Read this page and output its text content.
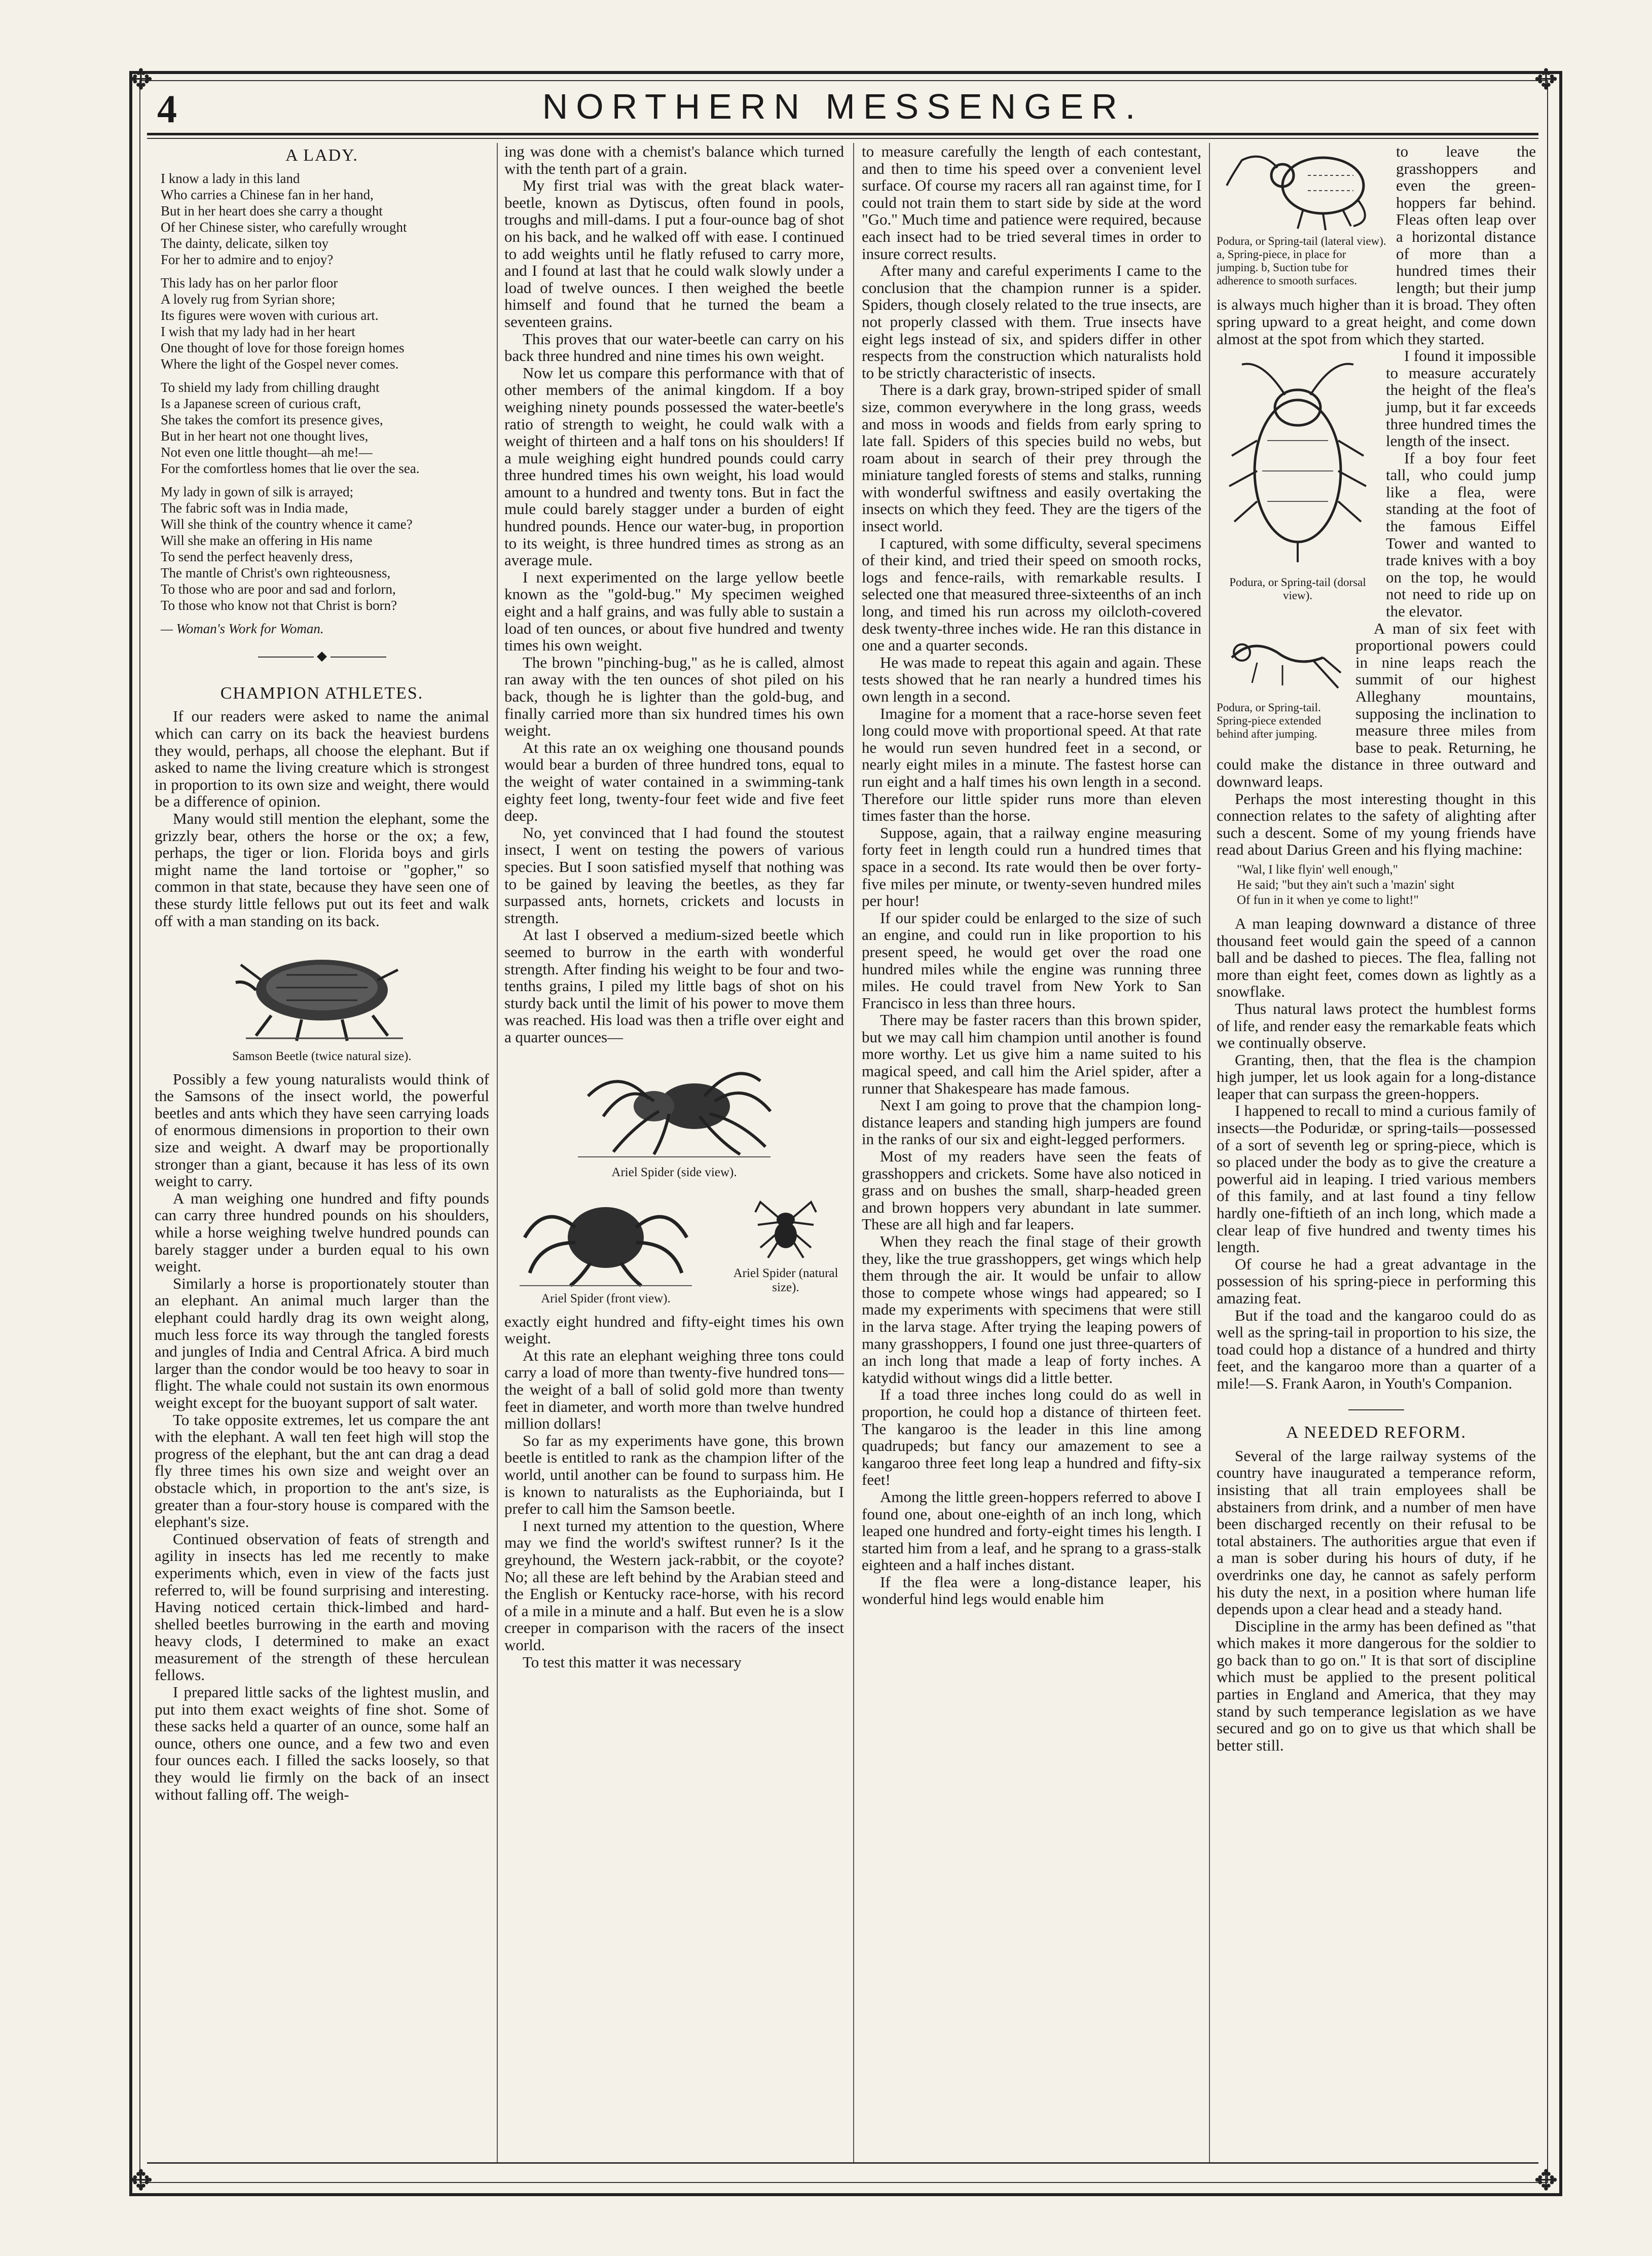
✥	✥
✥	✥
4	NORTHERN MESSENGER.
A LADY.
I know a lady in this land
Who carries a Chinese fan in her hand,
But in her heart does she carry a thought
Of her Chinese sister, who carefully wrought
The dainty, delicate, silken toy
For her to admire and to enjoy?
This lady has on her parlor floor
A lovely rug from Syrian shore;
Its figures were woven with curious art.
I wish that my lady had in her heart
One thought of love for those foreign homes
Where the light of the Gospel never comes.
To shield my lady from chilling draught
Is a Japanese screen of curious craft,
She takes the comfort its presence gives,
But in her heart not one thought lives,
Not even one little thought—ah me!—
For the comfortless homes that lie over the sea.
My lady in gown of silk is arrayed;
The fabric soft was in India made,
Will she think of the country whence it came?
Will she make an offering in His name
To send the perfect heavenly dress,
The mantle of Christ's own righteousness,
To those who are poor and sad and forlorn,
To those who know not that Christ is born?
— Woman's Work for Woman.
◆
CHAMPION ATHLETES.

If our readers were asked to name the animal which can carry on its back the heaviest burdens they would, perhaps, all choose the elephant. But if asked to name the living creature which is strongest in proportion to its own size and weight, there would be a difference of opinion.

Many would still mention the elephant, some the grizzly bear, others the horse or the ox; a few, perhaps, the tiger or lion. Florida boys and girls might name the land tortoise or "gopher," so common in that state, because they have seen one of these sturdy little fellows put out its feet and walk off with a man standing on its back.

Samson Beetle (twice natural size).

Possibly a few young naturalists would think of the Samsons of the insect world, the powerful beetles and ants which they have seen carrying loads of enormous dimensions in proportion to their own size and weight. A dwarf may be proportionally stronger than a giant, because it has less of its own weight to carry.

A man weighing one hundred and fifty pounds can carry three hundred pounds on his shoulders, while a horse weighing twelve hundred pounds can barely stagger under a burden equal to his own weight.

Similarly a horse is proportionately stouter than an elephant. An animal much larger than the elephant could hardly drag its own weight along, much less force its way through the tangled forests and jungles of India and Central Africa. A bird much larger than the condor would be too heavy to soar in flight. The whale could not sustain its own enormous weight except for the buoyant support of salt water.

To take opposite extremes, let us compare the ant with the elephant. A wall ten feet high will stop the progress of the elephant, but the ant can drag a dead fly three times his own size and weight over an obstacle which, in proportion to the ant's size, is greater than a four-story house is compared with the elephant's size.

Continued observation of feats of strength and agility in insects has led me recently to make experiments which, even in view of the facts just referred to, will be found surprising and interesting. Having noticed certain thick-limbed and hard-shelled beetles burrowing in the earth and moving heavy clods, I determined to make an exact measurement of the strength of these herculean fellows.

I prepared little sacks of the lightest muslin, and put into them exact weights of fine shot. Some of these sacks held a quarter of an ounce, some half an ounce, others one ounce, and a few two and even four ounces each. I filled the sacks loosely, so that they would lie firmly on the back of an insect without falling off. The weigh-

ing was done with a chemist's balance which turned with the tenth part of a grain.

My first trial was with the great black water-beetle, known as Dytiscus, often found in pools, troughs and mill-dams. I put a four-ounce bag of shot on his back, and he walked off with ease. I continued to add weights until he flatly refused to carry more, and I found at last that he could walk slowly under a load of twelve ounces. I then weighed the beetle himself and found that he turned the beam a seventeen grains.

This proves that our water-beetle can carry on his back three hundred and nine times his own weight.

Now let us compare this performance with that of other members of the animal kingdom. If a boy weighing ninety pounds possessed the water-beetle's ratio of strength to weight, he could walk with a weight of thirteen and a half tons on his shoulders! If a mule weighing eight hundred pounds could carry three hundred times his own weight, his load would amount to a hundred and twenty tons. But in fact the mule could barely stagger under a burden of eight hundred pounds. Hence our water-bug, in proportion to its weight, is three hundred times as strong as an average mule.

I next experimented on the large yellow beetle known as the "gold-bug." My specimen weighed eight and a half grains, and was fully able to sustain a load of ten ounces, or about five hundred and twenty times his own weight.

The brown "pinching-bug," as he is called, almost ran away with the ten ounces of shot piled on his back, though he is lighter than the gold-bug, and finally carried more than six hundred times his own weight.

At this rate an ox weighing one thousand pounds would bear a burden of three hundred tons, equal to the weight of water contained in a swimming-tank eighty feet long, twenty-four feet wide and five feet deep.

No, yet convinced that I had found the stoutest insect, I went on testing the powers of various species. But I soon satisfied myself that nothing was to be gained by leaving the beetles, as they far surpassed ants, hornets, crickets and locusts in strength.

At last I observed a medium-sized beetle which seemed to burrow in the earth with wonderful strength. After finding his weight to be four and two-tenths grains, I piled my little bags of shot on his sturdy back until the limit of his power to move them was reached. His load was then a trifle over eight and a quarter ounces—

Ariel Spider (side view).
Ariel Spider (front view).
Ariel Spider (natural size).

exactly eight hundred and fifty-eight times his own weight.

At this rate an elephant weighing three tons could carry a load of more than twenty-five hundred tons—the weight of a ball of solid gold more than twenty feet in diameter, and worth more than twelve hundred million dollars!

So far as my experiments have gone, this brown beetle is entitled to rank as the champion lifter of the world, until another can be found to surpass him. He is known to naturalists as the Euphoriainda, but I prefer to call him the Samson beetle.

I next turned my attention to the question, Where may we find the world's swiftest runner? Is it the greyhound, the Western jack-rabbit, or the coyote? No; all these are left behind by the Arabian steed and the English or Kentucky race-horse, with his record of a mile in a minute and a half. But even he is a slow creeper in comparison with the racers of the insect world.

To test this matter it was necessary

to measure carefully the length of each contestant, and then to time his speed over a convenient level surface. Of course my racers all ran against time, for I could not train them to start side by side at the word "Go." Much time and patience were required, because each insect had to be tried several times in order to insure correct results.

After many and careful experiments I came to the conclusion that the champion runner is a spider. Spiders, though closely related to the true insects, are not properly classed with them. True insects have eight legs instead of six, and spiders differ in other respects from the construction which naturalists hold to be strictly characteristic of insects.

There is a dark gray, brown-striped spider of small size, common everywhere in the long grass, weeds and moss in woods and fields from early spring to late fall. Spiders of this species build no webs, but roam about in search of their prey through the miniature tangled forests of stems and stalks, running with wonderful swiftness and easily overtaking the insects on which they feed. They are the tigers of the insect world.

I captured, with some difficulty, several specimens of their kind, and tried their speed on smooth rocks, logs and fence-rails, with remarkable results. I selected one that measured three-sixteenths of an inch long, and timed his run across my oilcloth-covered desk twenty-three inches wide. He ran this distance in one and a quarter seconds.

He was made to repeat this again and again. These tests showed that he ran nearly a hundred times his own length in a second.

Imagine for a moment that a race-horse seven feet long could move with proportional speed. At that rate he would run seven hundred feet in a second, or nearly eight miles in a minute. The fastest horse can run eight and a half times his own length in a second. Therefore our little spider runs more than eleven times faster than the horse.

Suppose, again, that a railway engine measuring forty feet in length could run a hundred times that space in a second. Its rate would then be over forty-five miles per minute, or twenty-seven hundred miles per hour!

If our spider could be enlarged to the size of such an engine, and could run in like proportion to his present speed, he would get over the road one hundred miles while the engine was running three miles. He could travel from New York to San Francisco in less than three hours.

There may be faster racers than this brown spider, but we may call him champion until another is found more worthy. Let us give him a name suited to his magical speed, and call him the Ariel spider, after a runner that Shakespeare has made famous.

Next I am going to prove that the champion long-distance leapers and standing high jumpers are found in the ranks of our six and eight-legged performers.

Most of my readers have seen the feats of grasshoppers and crickets. Some have also noticed in grass and on bushes the small, sharp-headed green and brown hoppers very abundant in late summer. These are all high and far leapers.

When they reach the final stage of their growth they, like the true grasshoppers, get wings which help them through the air. It would be unfair to allow those to compete whose wings had appeared; so I made my experiments with specimens that were still in the larva stage. After trying the leaping powers of many grasshoppers, I found one just three-quarters of an inch long that made a leap of forty inches. A katydid without wings did a little better.

If a toad three inches long could do as well in proportion, he could hop a distance of thirteen feet. The kangaroo is the leader in this line among quadrupeds; but fancy our amazement to see a kangaroo three feet long leap a hundred and fifty-six feet!

Among the little green-hoppers referred to above I found one, about one-eighth of an inch long, which leaped one hundred and forty-eight times his length. I started him from a leaf, and he sprang to a grass-stalk eighteen and a half inches distant.

If the flea were a long-distance leaper, his wonderful hind legs would enable him

Podura, or Spring-tail (lateral view). a, Spring-piece, in place for jumping. b, Suction tube for adherence to smooth surfaces.

to leave the grasshoppers and even the green-hoppers far behind. Fleas often leap over a horizontal distance of more than a hundred times their length; but their jump is always much higher than it is broad. They often spring upward to a great height, and come down almost at the spot from which they started.

Podura, or Spring-tail (dorsal view).

I found it impossible to measure accurately the height of the flea's jump, but it far exceeds three hundred times the length of the insect.

If a boy four feet tall, who could jump like a flea, were standing at the foot of the famous Eiffel Tower and wanted to trade knives with a boy on the top, he would not need to ride up on the elevator.

Podura, or Spring-tail. Spring-piece extended behind after jumping.

A man of six feet with proportional powers could in nine leaps reach the summit of our highest Alleghany mountains, supposing the inclination to measure three miles from base to peak. Returning, he could make the distance in three outward and downward leaps.

Perhaps the most interesting thought in this connection relates to the safety of alighting after such a descent. Some of my young friends have read about Darius Green and his flying machine:

"Wal, I like flyin' well enough,"
He said; "but they ain't such a 'mazin' sight
Of fun in it when ye come to light!"

A man leaping downward a distance of three thousand feet would gain the speed of a cannon ball and be dashed to pieces. The flea, falling not more than eight feet, comes down as lightly as a snowflake.

Thus natural laws protect the humblest forms of life, and render easy the remarkable feats which we continually observe.

Granting, then, that the flea is the champion high jumper, let us look again for a long-distance leaper that can surpass the green-hoppers.

I happened to recall to mind a curious family of insects—the Poduridæ, or spring-tails—possessed of a sort of seventh leg or spring-piece, which is so placed under the body as to give the creature a powerful aid in leaping. I tried various members of this family, and at last found a tiny fellow hardly one-fiftieth of an inch long, which made a clear leap of five hundred and twenty times his length.

Of course he had a great advantage in the possession of his spring-piece in performing this amazing feat.

But if the toad and the kangaroo could do as well as the spring-tail in proportion to his size, the toad could hop a distance of a hundred and thirty feet, and the kangaroo more than a quarter of a mile!—S. Frank Aaron, in Youth's Companion.

A NEEDED REFORM.

Several of the large railway systems of the country have inaugurated a temperance reform, insisting that all train employees shall be abstainers from drink, and a number of men have been discharged recently on their refusal to be total abstainers. The authorities argue that even if a man is sober during his hours of duty, if he overdrinks one day, he cannot as safely perform his duty the next, in a position where human life depends upon a clear head and a steady hand.

Discipline in the army has been defined as "that which makes it more dangerous for the soldier to go back than to go on." It is that sort of discipline which must be applied to the present political parties in England and America, that they may stand by such temperance legislation as we have secured and go on to give us that which shall be better still.
